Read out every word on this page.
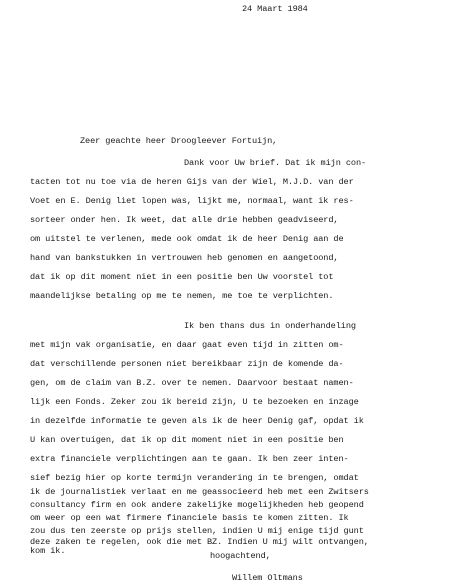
24 Maart 1984
Zeer geachte heer Droogleever Fortuijn,
Dank voor Uw brief. Dat ik mijn con-
tacten tot nu toe via de heren Gijs van der Wiel, M.J.D. van der
Voet en E. Denig liet lopen was, lijkt me, normaal, want ik res-
sorteer onder hen. Ik weet, dat alle drie hebben geadviseerd,
om uitstel te verlenen, mede ook omdat ik de heer Denig aan de
hand van bankstukken in vertrouwen heb genomen en aangetoond,
dat ik op dit moment niet in een positie ben Uw voorstel tot
maandelijkse betaling op me te nemen, me toe te verplichten.
Ik ben thans dus in onderhandeling
met mijn vak organisatie, en daar gaat even tijd in zitten om-
dat verschillende personen niet bereikbaar zijn de komende da-
gen, om de claim van B.Z. over te nemen. Daarvoor bestaat namen-
lijk een Fonds. Zeker zou ik bereid zijn, U te bezoeken en inzage
in dezelfde informatie te geven als ik de heer Denig gaf, opdat ik
U kan overtuigen, dat ik op dit moment niet in een positie ben
extra financiele verplichtingen aan te gaan. Ik ben zeer inten-
sief bezig hier op korte termijn verandering in te brengen, omdat
ik de journalistiek verlaat en me geassocieerd heb met een Zwitsers
consultancy firm en ook andere zakelijke mogelijkheden heb geopend
om weer op een wat firmere financiele basis te komen zitten. Ik
zou dus ten zeerste op prijs stellen, indien U mij enige tijd gunt
deze zaken te regelen, ook die met BZ. Indien U mij wilt ontvangen,
kom ik.	hoogachtend,
Willem Oltmans
